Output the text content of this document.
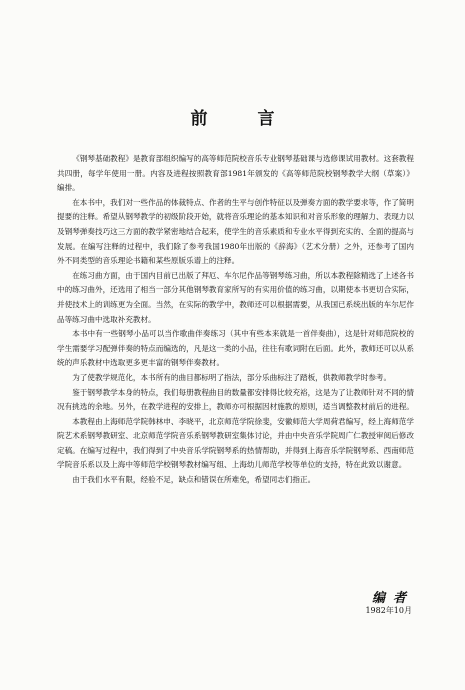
前 言

《钢琴基础教程》是教育部组织编写的高等师范院校音乐专业钢琴基础课与选修课试用教材。这套教程共四册，每学年使用一册。内容及进程按照教育部1981年颁发的《高等师范院校钢琴教学大纲（草案）》编排。

在本书中，我们对一些作品的体裁特点、作者的生平与创作特征以及弹奏方面的教学要求等，作了简明提要的注释。希望从钢琴教学的初级阶段开始，就将音乐理论的基本知识和对音乐形象的理解力、表现力以及钢琴弹奏技巧这三方面的教学紧密地结合起来，使学生的音乐素质和专业水平得到充实的、全面的提高与发展。在编写注释的过程中，我们除了参考我国1980年出版的《辞海》（艺术分册）之外，还参考了国内外不同类型的音乐理论书籍和某些原版乐谱上的注释。

在练习曲方面，由于国内目前已出版了拜厄、车尔尼作品等钢琴练习曲，所以本教程除精选了上述各书中的练习曲外，还选用了相当一部分其他钢琴教育家所写的有实用价值的练习曲，以期使本书更切合实际，并使技术上的训练更为全面。当然，在实际的教学中，教师还可以根据需要，从我国已系统出版的车尔尼作品等练习曲中选取补充教材。

本书中有一些钢琴小品可以当作歌曲伴奏练习（其中有些本来就是一首伴奏曲），这是针对师范院校的学生需要学习配弹伴奏的特点而编选的，凡是这一类的小品，往往有歌词附在后面。此外，教师还可以从系统的声乐教材中选取更多更丰富的钢琴伴奏教材。

为了使教学规范化，本书所有的曲目都标明了指法，部分乐曲标注了踏板，供教师教学时参考。

鉴于钢琴教学本身的特点，我们每册教程曲目的数量都安排得比较充裕，这是为了让教师针对不同的情况有挑选的余地。另外，在教学进程的安排上，教师亦可根据因材施教的原则，适当调整教材前后的进程。

本教程由上海师范学院韩林申、李晓平，北京师范学院徐斐，安徽师范大学周荷君编写，经上海师范学院艺术系钢琴教研室、北京师范学院音乐系钢琴教研室集体讨论，并由中央音乐学院周广仁教授审阅后修改定稿。在编写过程中，我们得到了中央音乐学院钢琴系的热情帮助，并得到上海音乐学院钢琴系、西南师范学院音乐系以及上海中等师范学校钢琴教材编写组、上海幼儿师范学校等单位的支持，特在此致以谢意。

由于我们水平有限，经验不足，缺点和错误在所难免，希望同志们指正。

编者
1982年10月
